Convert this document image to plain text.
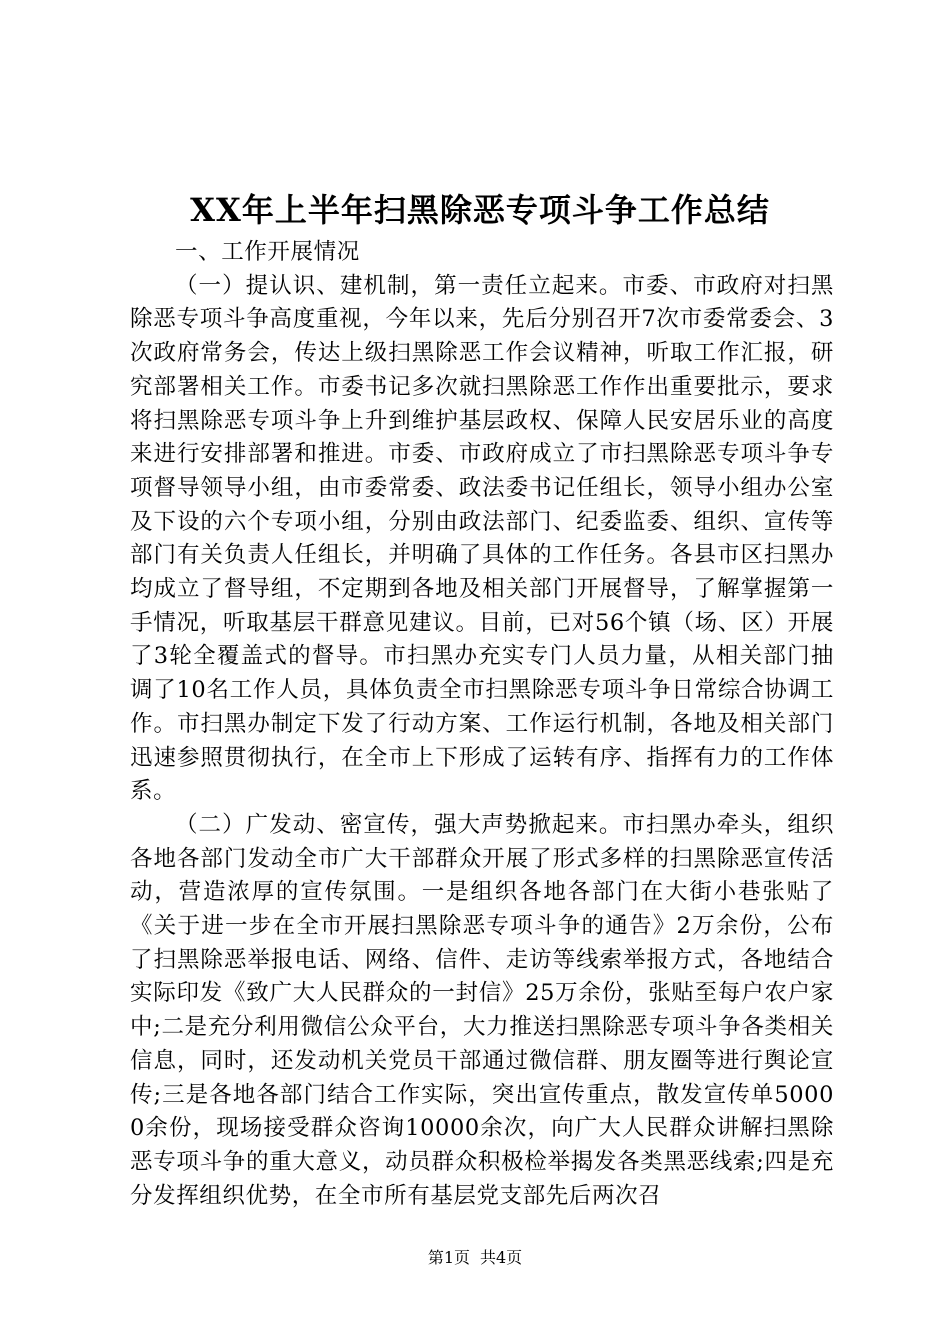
XX年上半年扫黑除恶专项斗争工作总结
一、工作开展情况

（一）提认识、建机制，第一责任立起来。市委、市政府对扫黑除恶专项斗争高度重视，今年以来，先后分别召开7次市委常委会、3次政府常务会，传达上级扫黑除恶工作会议精神，听取工作汇报，研究部署相关工作。市委书记多次就扫黑除恶工作作出重要批示，要求将扫黑除恶专项斗争上升到维护基层政权、保障人民安居乐业的高度来进行安排部署和推进。市委、市政府成立了市扫黑除恶专项斗争专项督导领导小组，由市委常委、政法委书记任组长，领导小组办公室及下设的六个专项小组，分别由政法部门、纪委监委、组织、宣传等部门有关负责人任组长，并明确了具体的工作任务。各县市区扫黑办均成立了督导组，不定期到各地及相关部门开展督导，了解掌握第一手情况，听取基层干群意见建议。目前，已对56个镇（场、区）开展了3轮全覆盖式的督导。市扫黑办充实专门人员力量，从相关部门抽调了10名工作人员，具体负责全市扫黑除恶专项斗争日常综合协调工作。市扫黑办制定下发了行动方案、工作运行机制，各地及相关部门迅速参照贯彻执行，在全市上下形成了运转有序、指挥有力的工作体系。

（二）广发动、密宣传，强大声势掀起来。市扫黑办牵头，组织各地各部门发动全市广大干部群众开展了形式多样的扫黑除恶宣传活动，营造浓厚的宣传氛围。一是组织各地各部门在大街小巷张贴了《关于进一步在全市开展扫黑除恶专项斗争的通告》2万余份，公布了扫黑除恶举报电话、网络、信件、走访等线索举报方式，各地结合实际印发《致广大人民群众的一封信》25万余份，张贴至每户农户家中;二是充分利用微信公众平台，大力推送扫黑除恶专项斗争各类相关信息，同时，还发动机关党员干部通过微信群、朋友圈等进行舆论宣传;三是各地各部门结合工作实际，突出宣传重点，散发宣传单50000余份，现场接受群众咨询10000余次，向广大人民群众讲解扫黑除恶专项斗争的重大意义，动员群众积极检举揭发各类黑恶线索;四是充分发挥组织优势，在全市所有基层党支部先后两次召

第1页 共4页
